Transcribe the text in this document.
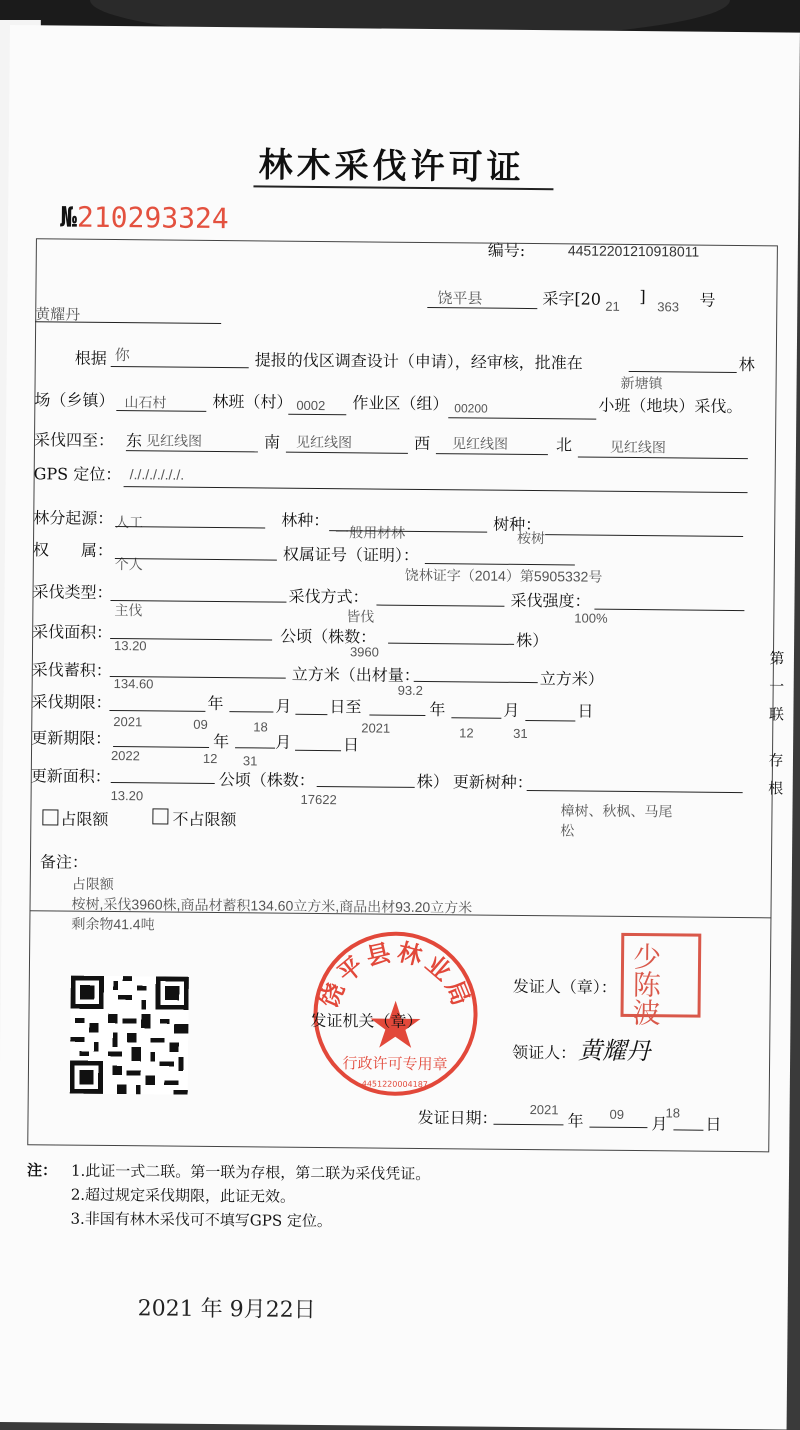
林木采伐许可证
№210293324
编号:	44512201210918011
饶平县	采字[20 21
]
363 号
黄耀丹
根据 你	提报的伐区调查设计（申请），经审核，批准在	林
新塘镇
场（乡镇） 山石村	林班（村） 0002 作业区（组） 00200	小班（地块）采伐。
采伐四至： 东 见红线图	南 见红线图	西 见红线图	北	见红线图
GPS 定位： /././././././.
林分起源： 人工	林种：
一般用材林	树种：
桉树
权　　属：
个人	权属证号（证明）：
饶林证字（2014）第5905332号
采伐类型：
主伐
采伐方式：
皆伐
采伐强度：
100%
采伐面积：
13.20	公顷（株数：
3960
株）
采伐蓄积：
134.60	立方米（出材量：
93.2
立方米）
采伐期限：
2021
年
09
月
18
日至
2021
年
12
月
31
日
更新期限：
2022
年
12
月
31
日
更新面积：
13.20
公顷（株数：
17622
株） 更新树种：
樟树、秋枫、马尾
松
占限额	不占限额
备注：
占限额
桉树,采伐3960株,商品材蓄积134.60立方米,商品出材93.20立方米
剩余物41.4吨
饶平县林业局
行政许可专用章
4451220004187
发证机关（章）
发证人（章）： 少陈波
领证人： 黄耀丹
发证日期： 2021
年 09 月
18
日
第
一
联
存
根
注： 1.此证一式二联。第一联为存根，第二联为采伐凭证。
2.超过规定采伐期限，此证无效。
3.非国有林木采伐可不填写GPS 定位。
2021 年 9月22日
